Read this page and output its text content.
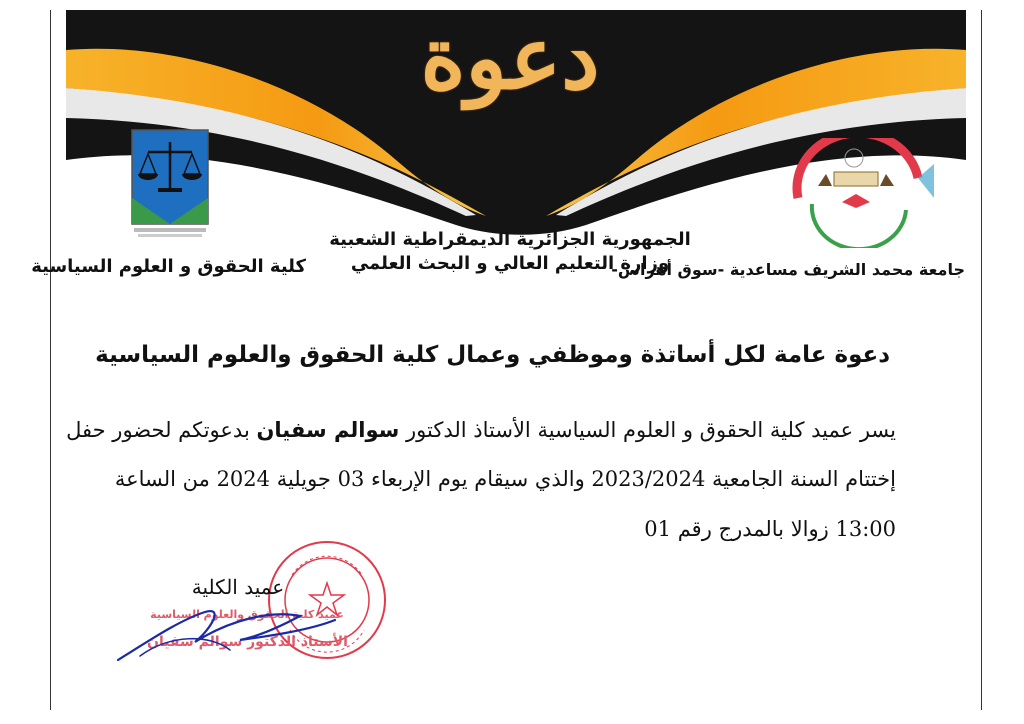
دعوة
الجمهورية الجزائرية الديمقراطية الشعبية
وزارة التعليم العالي و البحث العلمي
كلية الحقوق و العلوم السياسية	جامعة محمد الشريف مساعدية -سوق أهراس-
دعوة عامة لكل أساتذة وموظفي وعمال كلية الحقوق والعلوم السياسية
يسر عميد كلية الحقوق و العلوم السياسية الأستاذ الدكتور سوالم سفيان بدعوتكم لحضور حفل
إختتام السنة الجامعية 2023/2024 والذي سيقام يوم الإربعاء 03 جويلية 2024 من الساعة
13:00 زوالا بالمدرج رقم 01
عميد الكلية
عميد كلية الحقوق والعلوم السياسية
الأستاذ الدكتور سوالم سفيان
